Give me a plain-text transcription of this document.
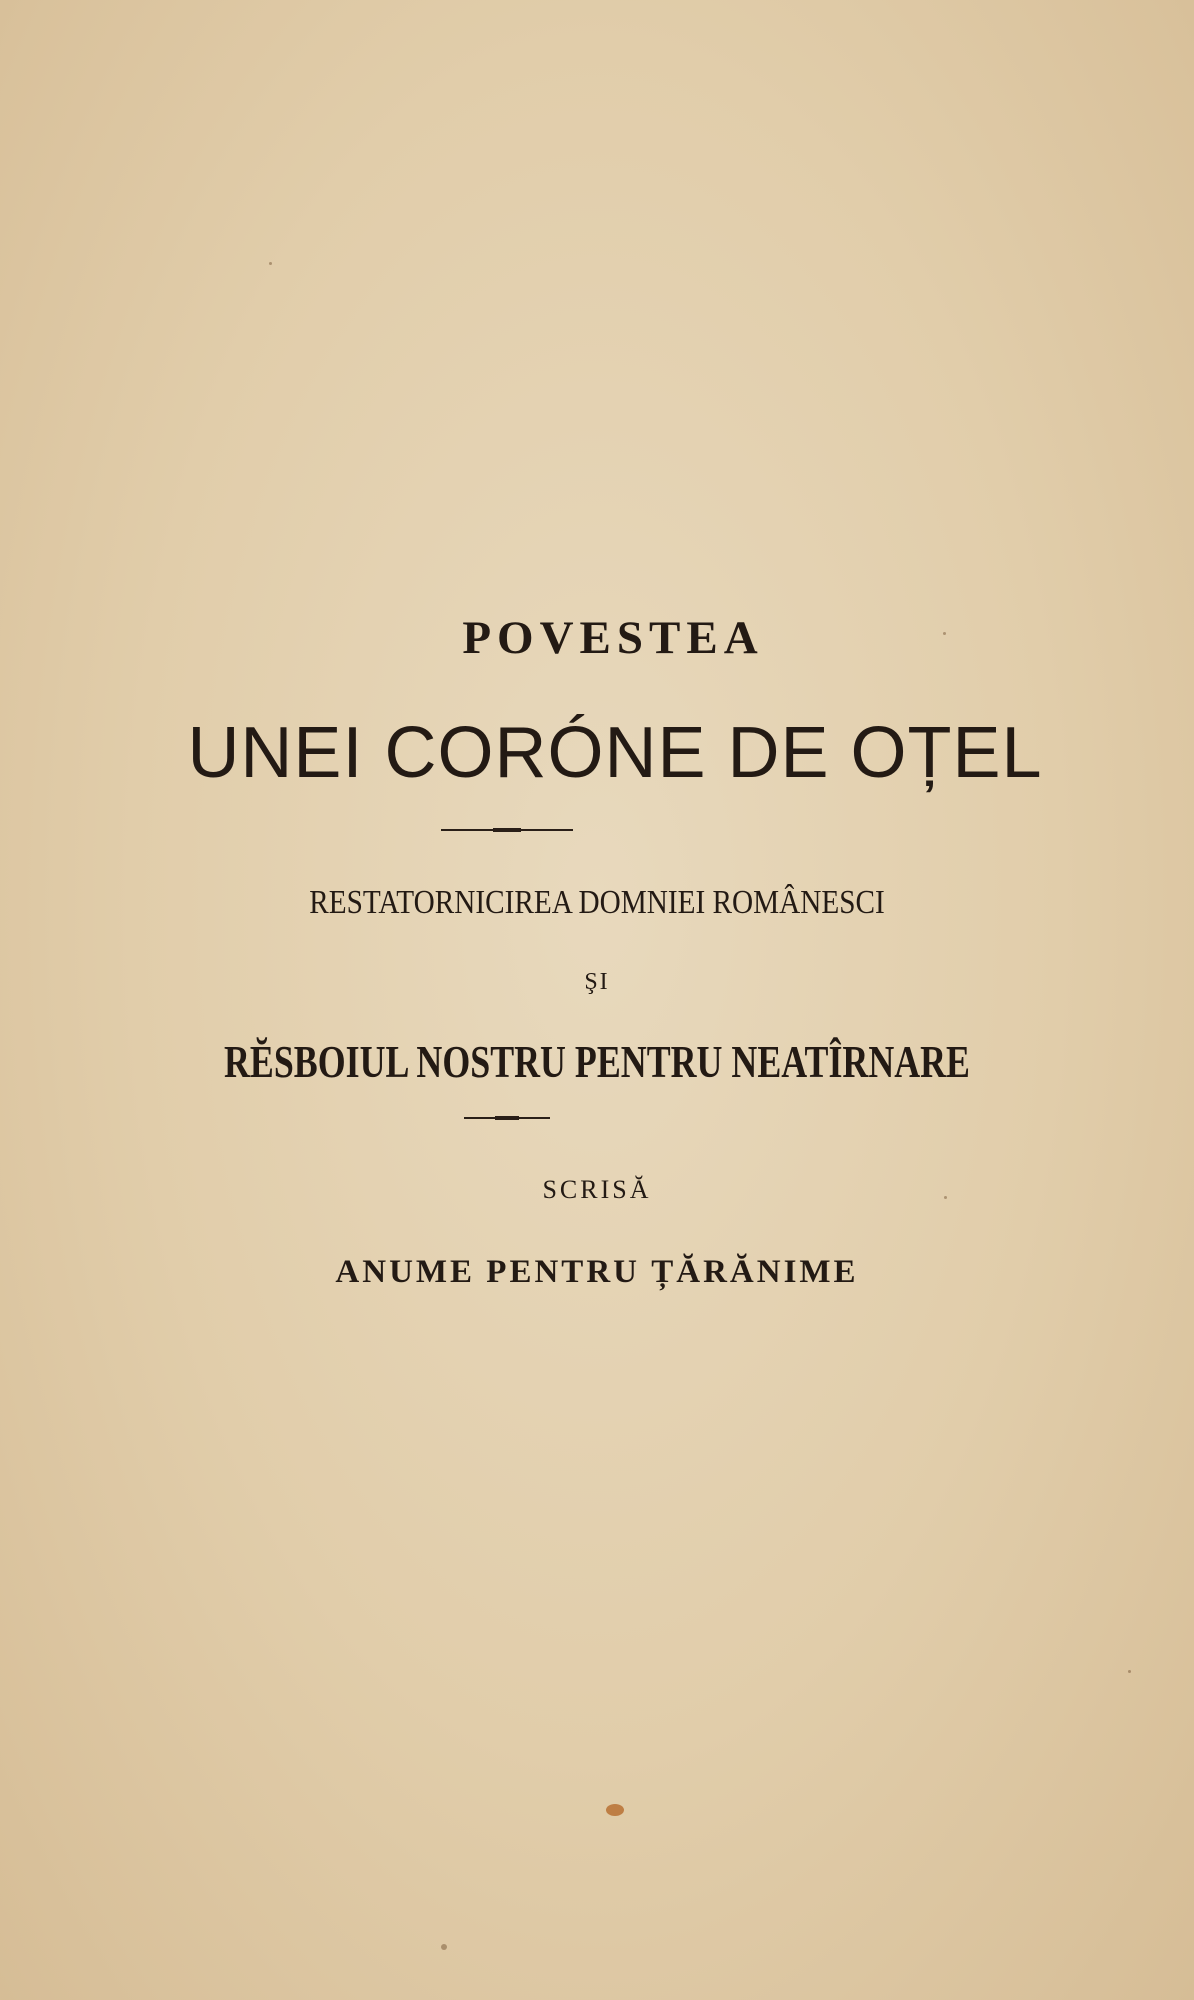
POVESTEA
UNEI CORÓNE DE OȚEL
RESTATORNICIREA DOMNIEI ROMÂNESCI
ŞI
RĔSBOIUL NOSTRU PENTRU NEATÎRNARE
SCRISĂ
ANUME PENTRU ȚĂRĂNIME
